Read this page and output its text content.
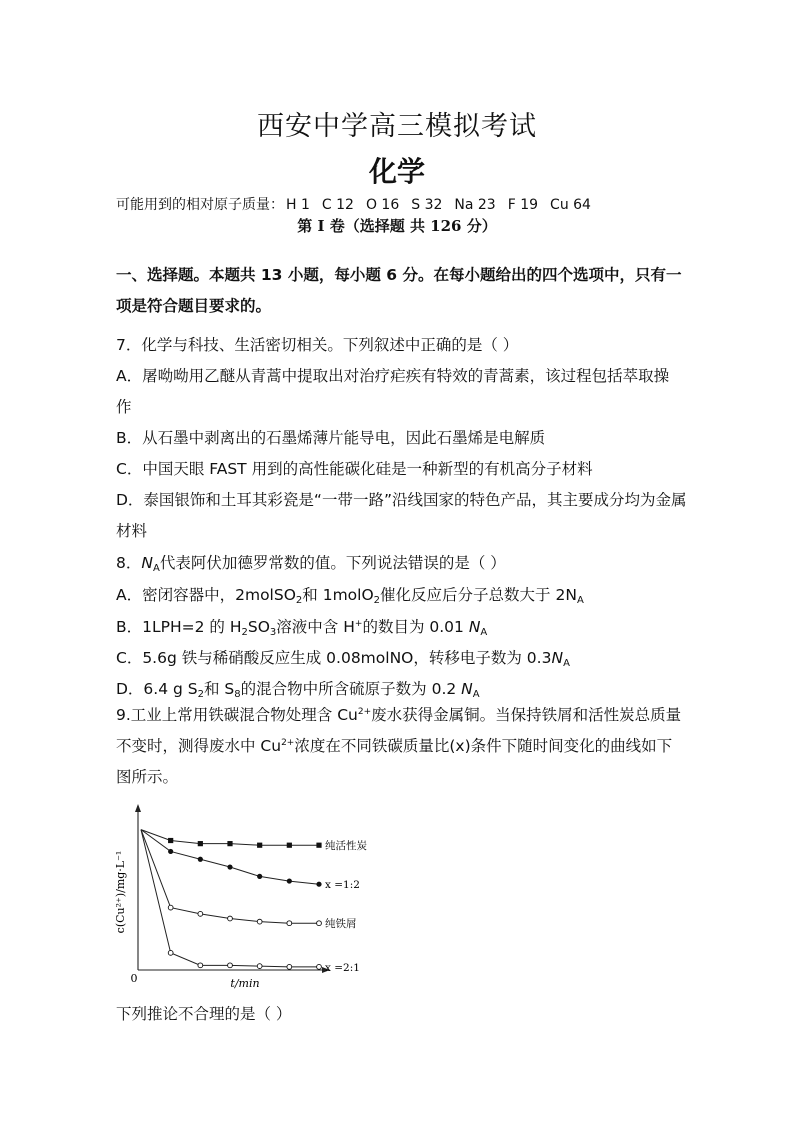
西安中学高三模拟考试
化学
可能用到的相对原子质量： H 1 C 12 O 16 S 32 Na 23 F 19 Cu 64
第 I 卷（选择题 共 126 分）
一、选择题。本题共 13 小题，每小题 6 分。在每小题给出的四个选项中，只有一
项是符合题目要求的。
7．化学与科技、生活密切相关。下列叙述中正确的是（ ）
A．屠呦呦用乙醚从青蒿中提取出对治疗疟疾有特效的青蒿素，该过程包括萃取操
作
B．从石墨中剥离出的石墨烯薄片能导电，因此石墨烯是电解质
C．中国天眼 FAST 用到的高性能碳化硅是一种新型的有机高分子材料
D．泰国银饰和土耳其彩瓷是“一带一路”沿线国家的特色产品，其主要成分均为金属
材料
8．$N_A$代表阿伏加德罗常数的值。下列说法错误的是（ ）
A．密闭容器中，2molSO$_2$和 1molO$_2$催化反应后分子总数大于 $2N_A$
B．1LPH=2 的 $H_2SO_3$溶液中含 H+的数目为 0.01 $N_A$
C．5.6g 铁与稀硝酸反应生成 0.08molNO，转移电子数为 $0.3N_A$
D．6.4 g $S_2$和 $S_8$的混合物中所含硫原子数为 0.2 $N_A$
9.工业上常用铁碳混合物处理含 $Cu^{2+}$废水获得金属铜。当保持铁屑和活性炭总质量
不变时，测得废水中 $Cu^{2+}$浓度在不同铁碳质量比(x)条件下随时间变化的曲线如下
图所示。
0	t/min
c(Cu²⁺)/mg·L⁻¹
纯活性炭
x =1:2
纯铁屑
x =2:1
下列推论不合理的是（ ）
